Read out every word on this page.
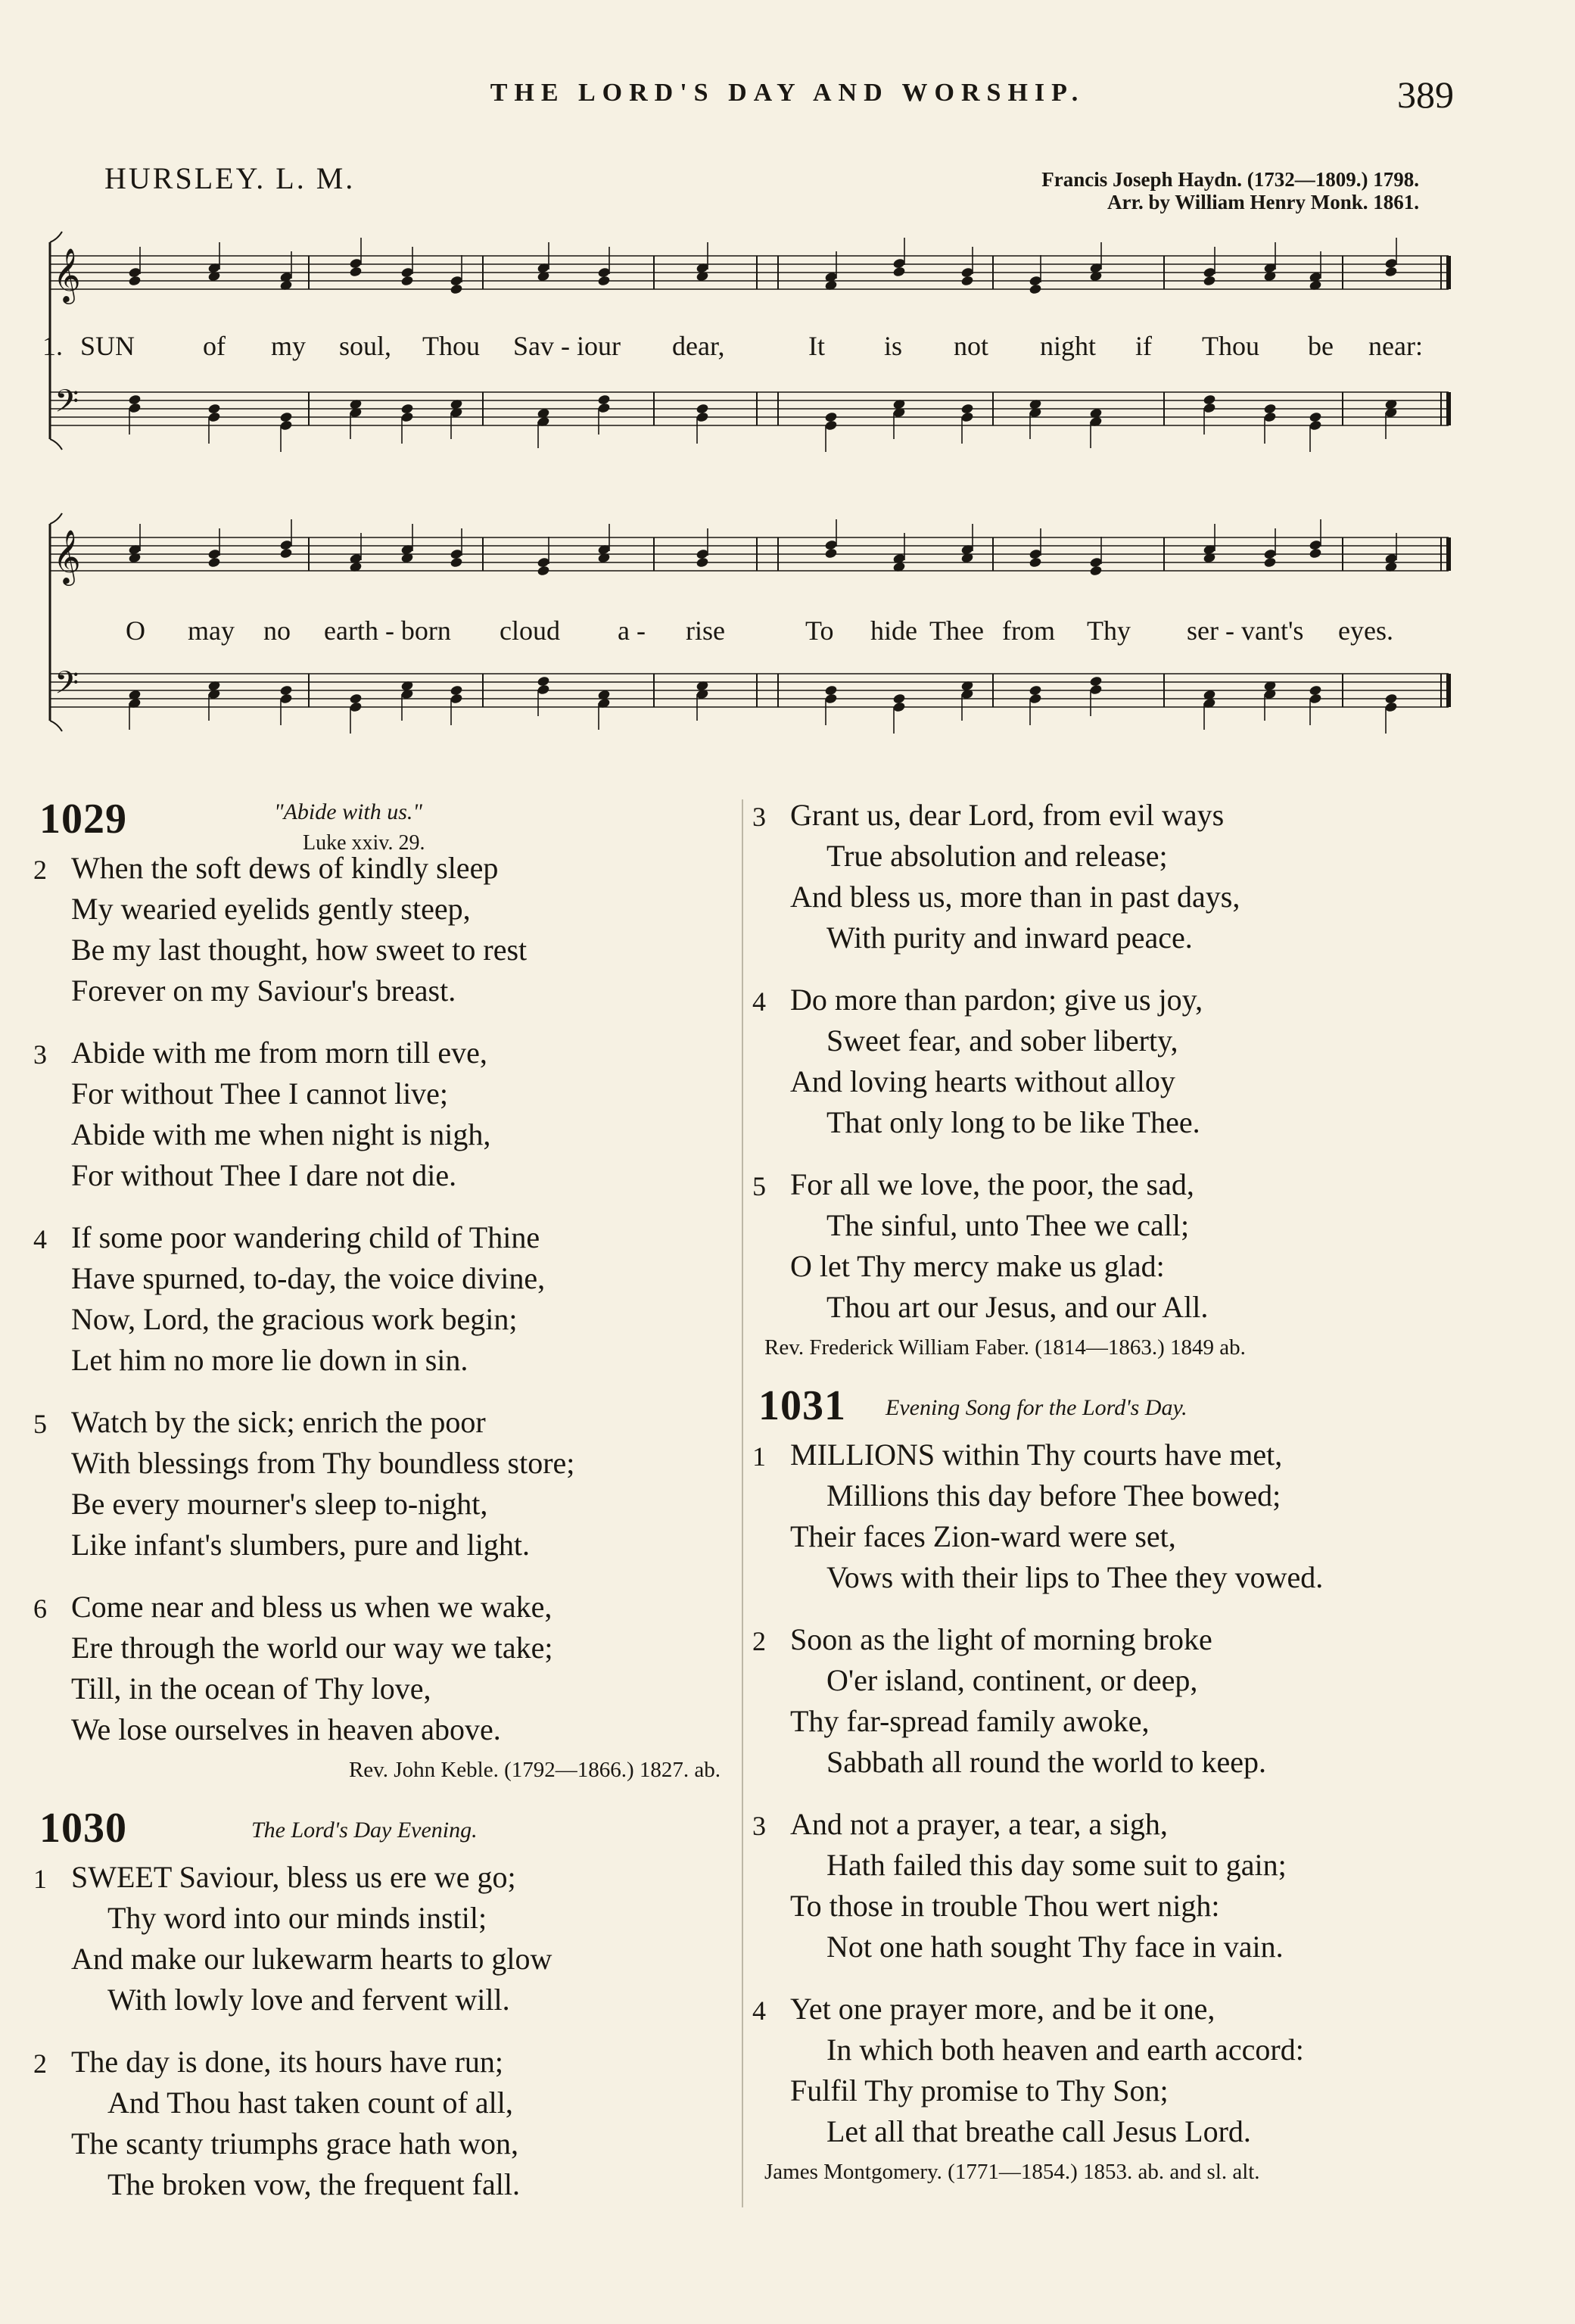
THE LORD'S DAY AND WORSHIP.	389
HURSLEY. L. M.	Francis Joseph Haydn. (1732—1809.) 1798.
Arr. by William Henry Monk. 1861.
𝄞
𝄢
1. SUN of my soul, Thou Sav - iour dear,	It is not night if Thou be near:
𝄞
𝄢
O may no earth - born cloud a - rise	To hide Thee from Thy ser - vant's eyes.
1029	"Abide with us."
Luke xxiv. 29.
2 When the soft dews of kindly sleep
My wearied eyelids gently steep,
Be my last thought, how sweet to rest
Forever on my Saviour's breast.
3 Abide with me from morn till eve,
For without Thee I cannot live;
Abide with me when night is nigh,
For without Thee I dare not die.
4 If some poor wandering child of Thine
Have spurned, to-day, the voice divine,
Now, Lord, the gracious work begin;
Let him no more lie down in sin.
5 Watch by the sick; enrich the poor
With blessings from Thy boundless store;
Be every mourner's sleep to-night,
Like infant's slumbers, pure and light.
6 Come near and bless us when we wake,
Ere through the world our way we take;
Till, in the ocean of Thy love,
We lose ourselves in heaven above.
Rev. John Keble. (1792—1866.) 1827. ab.
1030	The Lord's Day Evening.
1 SWEET Saviour, bless us ere we go;
Thy word into our minds instil;
And make our lukewarm hearts to glow
With lowly love and fervent will.
2 The day is done, its hours have run;
And Thou hast taken count of all,
The scanty triumphs grace hath won,
The broken vow, the frequent fall.
3 Grant us, dear Lord, from evil ways
True absolution and release;
And bless us, more than in past days,
With purity and inward peace.
4 Do more than pardon; give us joy,
Sweet fear, and sober liberty,
And loving hearts without alloy
That only long to be like Thee.
5 For all we love, the poor, the sad,
The sinful, unto Thee we call;
O let Thy mercy make us glad:
Thou art our Jesus, and our All.
Rev. Frederick William Faber. (1814—1863.) 1849 ab.
1031 Evening Song for the Lord's Day.
1 MILLIONS within Thy courts have met,
Millions this day before Thee bowed;
Their faces Zion-ward were set,
Vows with their lips to Thee they vowed.
2 Soon as the light of morning broke
O'er island, continent, or deep,
Thy far-spread family awoke,
Sabbath all round the world to keep.
3 And not a prayer, a tear, a sigh,
Hath failed this day some suit to gain;
To those in trouble Thou wert nigh:
Not one hath sought Thy face in vain.
4 Yet one prayer more, and be it one,
In which both heaven and earth accord:
Fulfil Thy promise to Thy Son;
Let all that breathe call Jesus Lord.
James Montgomery. (1771—1854.) 1853. ab. and sl. alt.
